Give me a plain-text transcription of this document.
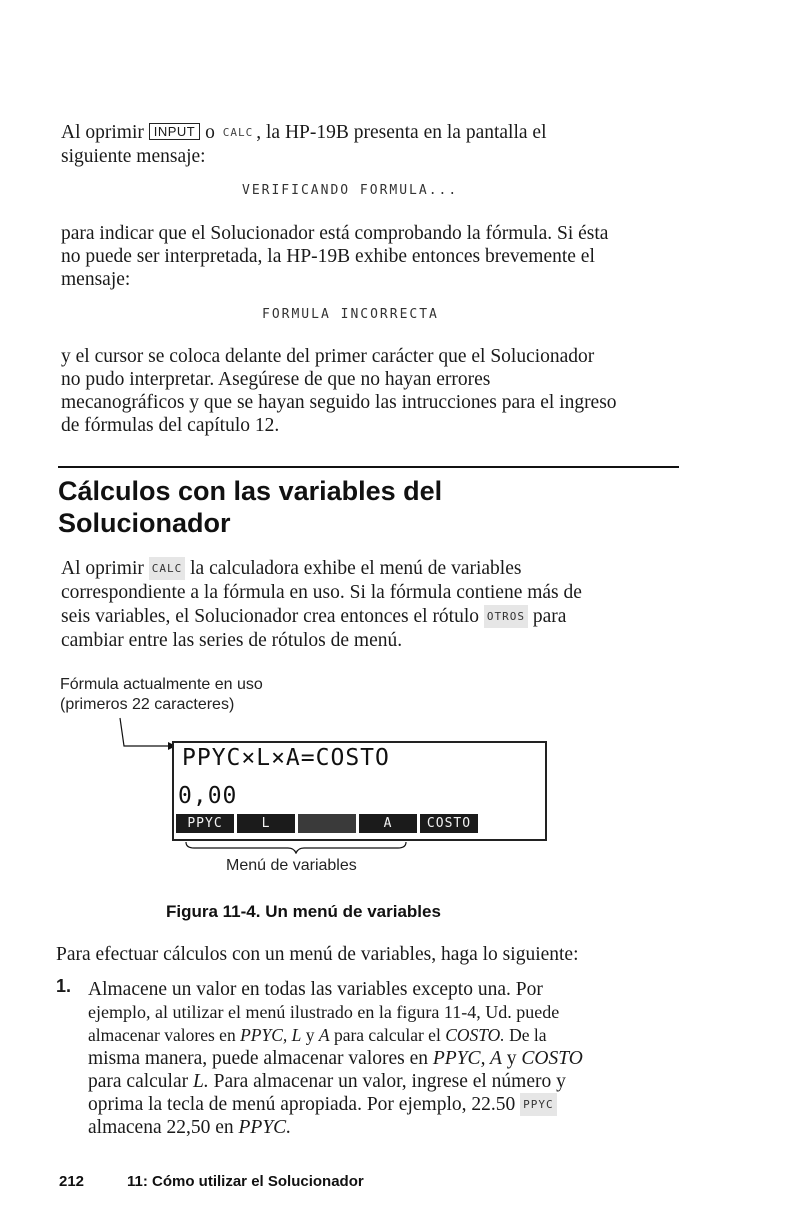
Al oprimir INPUT o CALC , la HP-19B presenta en la pantalla el
siguiente mensaje:
VERIFICANDO FORMULA...
para indicar que el Solucionador está comprobando la fórmula. Si ésta
no puede ser interpretada, la HP-19B exhibe entonces brevemente el
mensaje:
FORMULA INCORRECTA
y el cursor se coloca delante del primer carácter que el Solucionador
no pudo interpretar. Asegúrese de que no hayan errores
mecanográficos y que se hayan seguido las intrucciones para el ingreso
de fórmulas del capítulo 12.
Cálculos con las variables del
Solucionador
Al oprimir CALC la calculadora exhibe el menú de variables
correspondiente a la fórmula en uso. Si la fórmula contiene más de
seis variables, el Solucionador crea entonces el rótulo OTROS para
cambiar entre las series de rótulos de menú.
Fórmula actualmente en uso
(primeros 22 caracteres)
PPYC×L×A=COSTO
0,00
PPYC	L	A	COSTO
Menú de variables
Figura 11-4. Un menú de variables
Para efectuar cálculos con un menú de variables, haga lo siguiente:
1. Almacene un valor en todas las variables excepto una. Por
ejemplo, al utilizar el menú ilustrado en la figura 11-4, Ud. puede
almacenar valores en PPYC, L y A para calcular el COSTO. De la
misma manera, puede almacenar valores en PPYC, A y COSTO
para calcular L. Para almacenar un valor, ingrese el número y
oprima la tecla de menú apropiada. Por ejemplo, 22.50 PPYC
almacena 22,50 en PPYC.
212	11: Cómo utilizar el Solucionador
